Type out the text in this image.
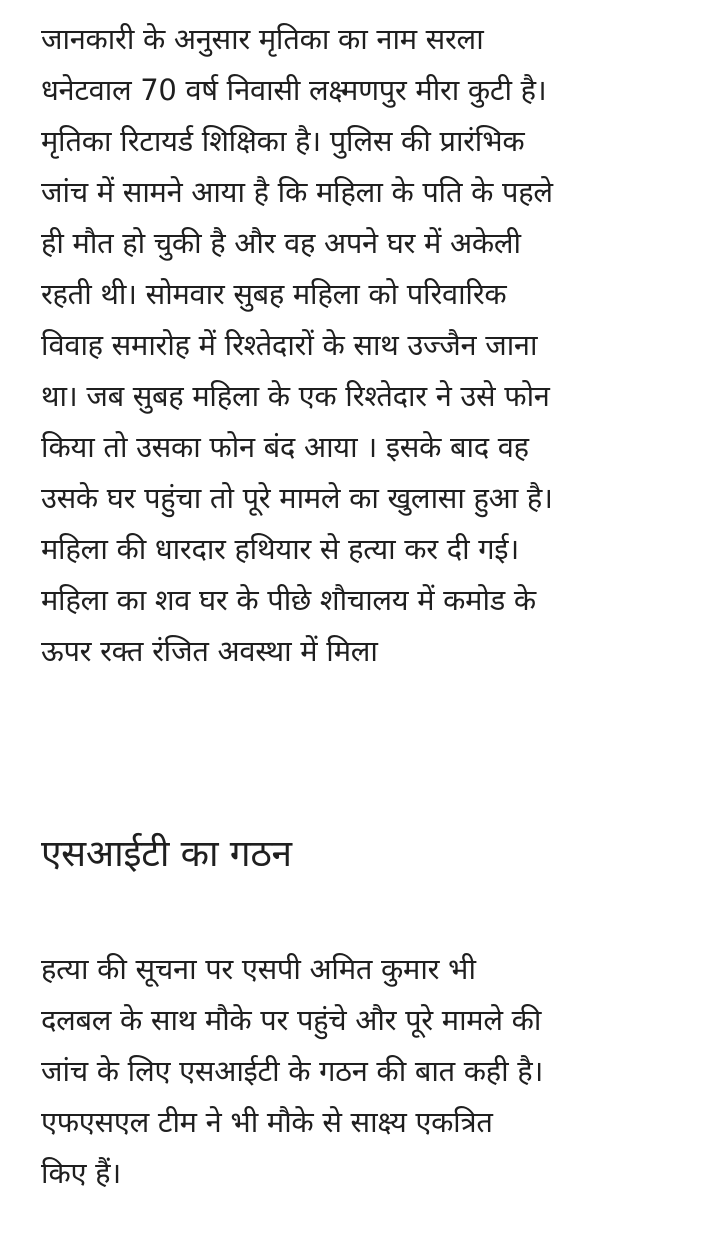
जानकारी के अनुसार मृतिका का नाम सरला
धनेटवाल 70 वर्ष निवासी लक्ष्मणपुर मीरा कुटी है।
मृतिका रिटायर्ड शिक्षिका है। पुलिस की प्रारंभिक
जांच में सामने आया है कि महिला के पति के पहले
ही मौत हो चुकी है और वह अपने घर में अकेली
रहती थी। सोमवार सुबह महिला को परिवारिक
विवाह समारोह में रिश्तेदारों के साथ उज्जैन जाना
था। जब सुबह महिला के एक रिश्तेदार ने उसे फोन
किया तो उसका फोन बंद आया । इसके बाद वह
उसके घर पहुंचा तो पूरे मामले का खुलासा हुआ है।
महिला की धारदार हथियार से हत्या कर दी गई।
महिला का शव घर के पीछे शौचालय में कमोड के
ऊपर रक्त रंजित अवस्था में मिला

एसआईटी का गठन

हत्या की सूचना पर एसपी अमित कुमार भी
दलबल के साथ मौके पर पहुंचे और पूरे मामले की
जांच के लिए एसआईटी के गठन की बात कही है।
एफएसएल टीम ने भी मौके से साक्ष्य एकत्रित
किए हैं।
